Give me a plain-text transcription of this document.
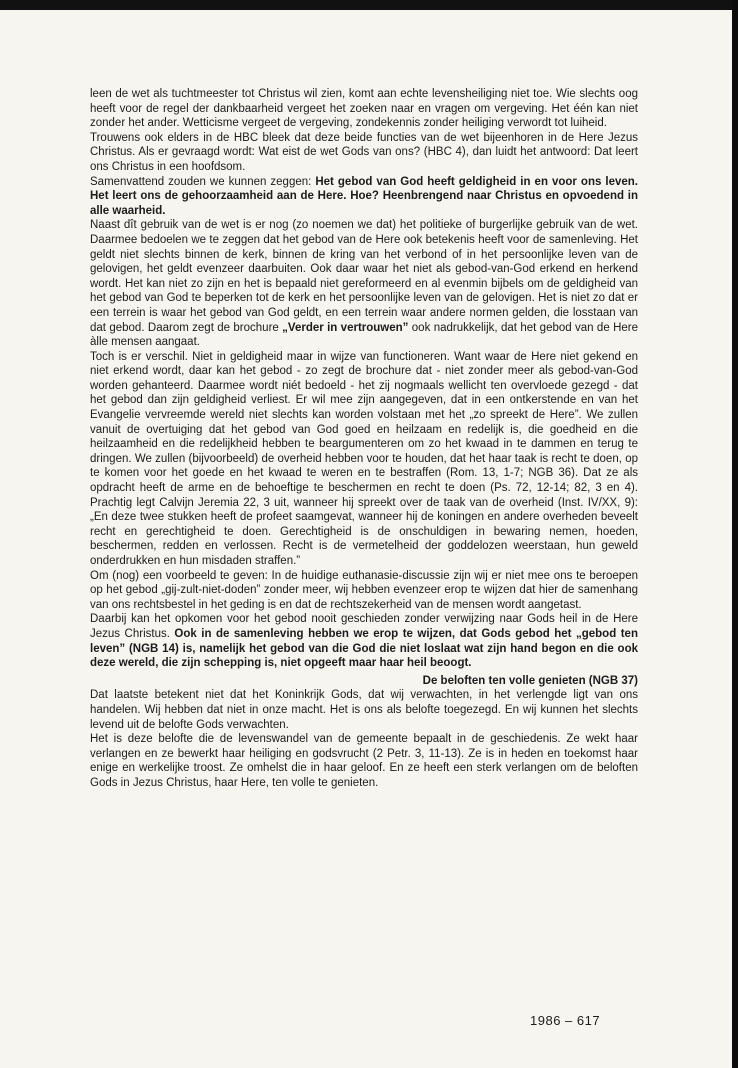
leen de wet als tuchtmeester tot Christus wil zien, komt aan echte levensheiliging niet toe. Wie slechts oog heeft voor de regel der dankbaarheid vergeet het zoeken naar en vragen om vergeving. Het één kan niet zonder het ander. Wetticisme vergeet de vergeving, zondekennis zonder heiliging verwordt tot luiheid.

Trouwens ook elders in de HBC bleek dat deze beide functies van de wet bijeenhoren in de Here Jezus Christus. Als er gevraagd wordt: Wat eist de wet Gods van ons? (HBC 4), dan luidt het antwoord: Dat leert ons Christus in een hoofdsom.

Samenvattend zouden we kunnen zeggen: Het gebod van God heeft geldigheid in en voor ons leven. Het leert ons de gehoorzaamheid aan de Here. Hoe? Heenbrengend naar Christus en opvoedend in alle waarheid.

Naast dît gebruik van de wet is er nog (zo noemen we dat) het politieke of burgerlijke gebruik van de wet. Daarmee bedoelen we te zeggen dat het gebod van de Here ook betekenis heeft voor de samenleving. Het geldt niet slechts binnen de kerk, binnen de kring van het verbond of in het persoonlijke leven van de gelovigen, het geldt evenzeer daarbuiten. Ook daar waar het niet als gebod-van-God erkend en herkend wordt. Het kan niet zo zijn en het is bepaald niet gereformeerd en al evenmin bijbels om de geldigheid van het gebod van God te beperken tot de kerk en het persoonlijke leven van de gelovigen. Het is niet zo dat er een terrein is waar het gebod van God geldt, en een terrein waar andere normen gelden, die losstaan van dat gebod. Daarom zegt de brochure „Verder in vertrouwen” ook nadrukkelijk, dat het gebod van de Here àlle mensen aangaat.

Toch is er verschil. Niet in geldigheid maar in wijze van functioneren. Want waar de Here niet gekend en niet erkend wordt, daar kan het gebod - zo zegt de brochure dat - niet zonder meer als gebod-van-God worden gehanteerd. Daarmee wordt niét bedoeld - het zij nogmaals wellicht ten overvloede gezegd - dat het gebod dan zijn geldigheid verliest. Er wil mee zijn aangegeven, dat in een ontkerstende en van het Evangelie vervreemde wereld niet slechts kan worden volstaan met het „zo spreekt de Here”. We zullen vanuit de overtuiging dat het gebod van God goed en heilzaam en redelijk is, die goedheid en die heilzaamheid en die redelijkheid hebben te beargumenteren om zo het kwaad in te dammen en terug te dringen. We zullen (bijvoorbeeld) de overheid hebben voor te houden, dat het haar taak is recht te doen, op te komen voor het goede en het kwaad te weren en te bestraffen (Rom. 13, 1-7; NGB 36). Dat ze als opdracht heeft de arme en de behoeftige te beschermen en recht te doen (Ps. 72, 12-14; 82, 3 en 4). Prachtig legt Calvijn Jeremia 22, 3 uit, wanneer hij spreekt over de taak van de overheid (Inst. IV/XX, 9): „En deze twee stukken heeft de profeet saamgevat, wanneer hij de koningen en andere overheden beveelt recht en gerechtigheid te doen. Gerechtigheid is de onschuldigen in bewaring nemen, hoeden, beschermen, redden en verlossen. Recht is de vermetelheid der goddelozen weerstaan, hun geweld onderdrukken en hun misdaden straffen.”

Om (nog) een voorbeeld te geven: In de huidige euthanasie-discussie zijn wij er niet mee ons te beroepen op het gebod „gij-zult-niet-doden” zonder meer, wij hebben evenzeer erop te wijzen dat hier de samenhang van ons rechtsbestel in het geding is en dat de rechtszekerheid van de mensen wordt aangetast.

Daarbij kan het opkomen voor het gebod nooit geschieden zonder verwijzing naar Gods heil in de Here Jezus Christus. Ook in de samenleving hebben we erop te wijzen, dat Gods gebod het „gebod ten leven” (NGB 14) is, namelijk het gebod van die God die niet loslaat wat zijn hand begon en die ook deze wereld, die zijn schepping is, niet opgeeft maar haar heil beoogt.

De beloften ten volle genieten (NGB 37)

Dat laatste betekent niet dat het Koninkrijk Gods, dat wij verwachten, in het verlengde ligt van ons handelen. Wij hebben dat niet in onze macht. Het is ons als belofte toegezegd. En wij kunnen het slechts levend uit de belofte Gods verwachten.

Het is deze belofte die de levenswandel van de gemeente bepaalt in de geschiedenis. Ze wekt haar verlangen en ze bewerkt haar heiliging en godsvrucht (2 Petr. 3, 11-13). Ze is in heden en toekomst haar enige en werkelijke troost. Ze omhelst die in haar geloof. En ze heeft een sterk verlangen om de beloften Gods in Jezus Christus, haar Here, ten volle te genieten.

1986 – 617
